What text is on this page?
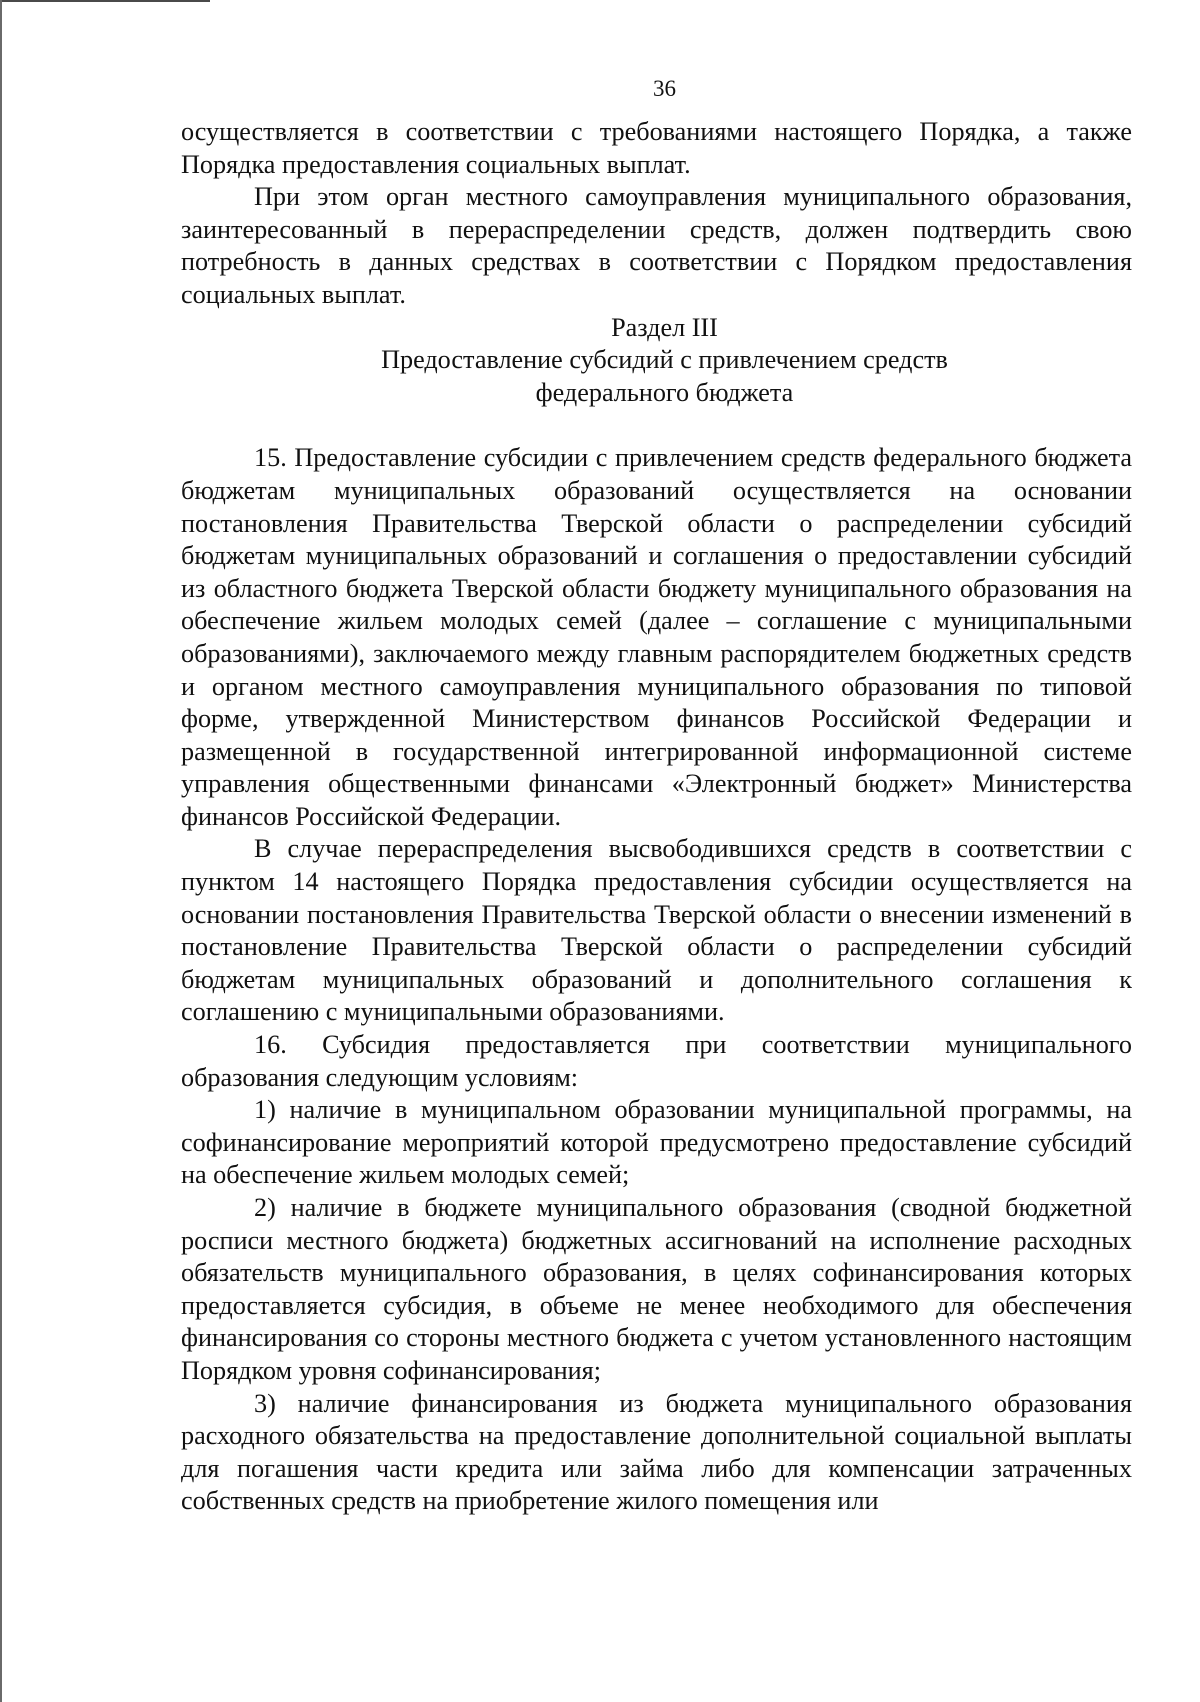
36

осуществляется в соответствии с требованиями настоящего Порядка, а также Порядка предоставления социальных выплат.

При этом орган местного самоуправления муниципального образования, заинтересованный в перераспределении средств, должен подтвердить свою потребность в данных средствах в соответствии с Порядком предоставления социальных выплат.

Раздел III
Предоставление субсидий с привлечением средств
федерального бюджета

15. Предоставление субсидии с привлечением средств федерального бюджета бюджетам муниципальных образований осуществляется на основании постановления Правительства Тверской области о распределении субсидий бюджетам муниципальных образований и соглашения о предоставлении субсидий из областного бюджета Тверской области бюджету муниципального образования на обеспечение жильем молодых семей (далее – соглашение с муниципальными образованиями), заключаемого между главным распорядителем бюджетных средств и органом местного самоуправления муниципального образования по типовой форме, утвержденной Министерством финансов Российской Федерации и размещенной в государственной интегрированной информационной системе управления общественными финансами «Электронный бюджет» Министерства финансов Российской Федерации.

В случае перераспределения высвободившихся средств в соответствии с пунктом 14 настоящего Порядка предоставления субсидии осуществляется на основании постановления Правительства Тверской области о внесении изменений в постановление Правительства Тверской области о распределении субсидий бюджетам муниципальных образований и дополнительного соглашения к соглашению с муниципальными образованиями.

16. Субсидия предоставляется при соответствии муниципального образования следующим условиям:

1) наличие в муниципальном образовании муниципальной программы, на софинансирование мероприятий которой предусмотрено предоставление субсидий на обеспечение жильем молодых семей;

2) наличие в бюджете муниципального образования (сводной бюджетной росписи местного бюджета) бюджетных ассигнований на исполнение расходных обязательств муниципального образования, в целях софинансирования которых предоставляется субсидия, в объеме не менее необходимого для обеспечения финансирования со стороны местного бюджета с учетом установленного настоящим Порядком уровня софинансирования;

3) наличие финансирования из бюджета муниципального образования расходного обязательства на предоставление дополнительной социальной выплаты для погашения части кредита или займа либо для компенсации затраченных собственных средств на приобретение жилого помещения или
